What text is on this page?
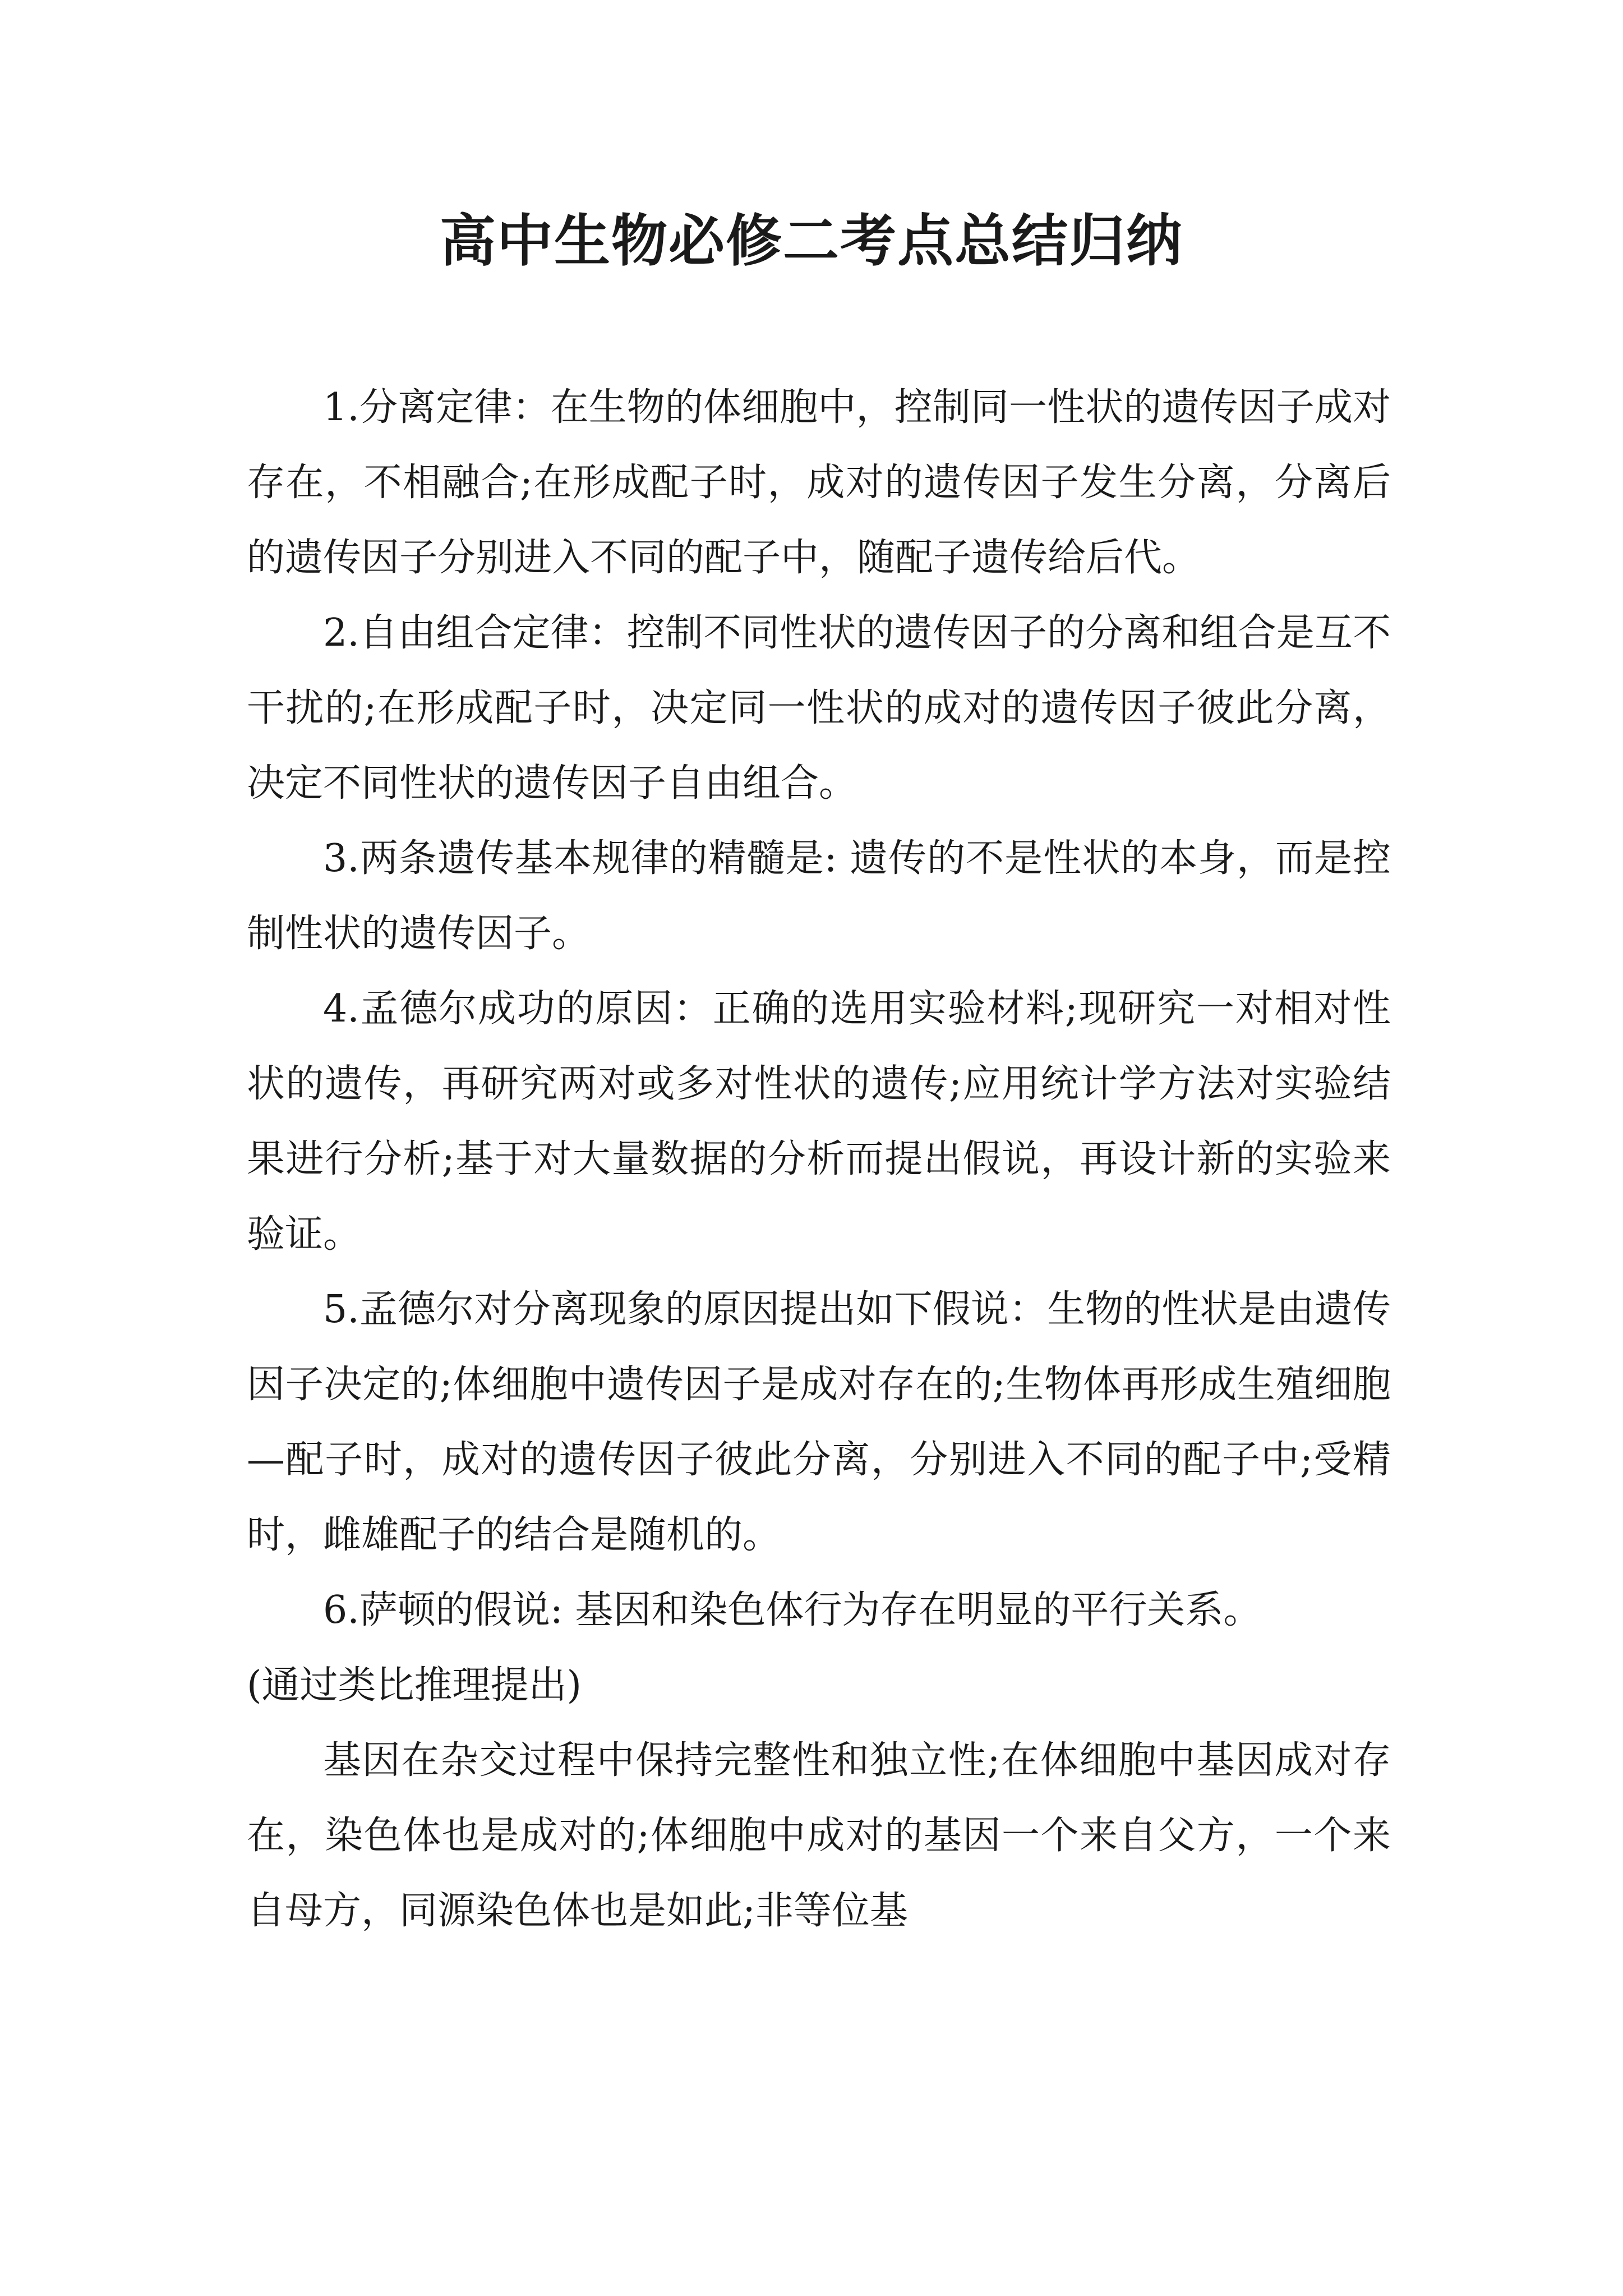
高中生物必修二考点总结归纳

1.分离定律：在生物的体细胞中，控制同一性状的遗传因子成对存在，不相融合;在形成配子时，成对的遗传因子发生分离，分离后的遗传因子分别进入不同的配子中，随配子遗传给后代。

2.自由组合定律：控制不同性状的遗传因子的分离和组合是互不干扰的;在形成配子时，决定同一性状的成对的遗传因子彼此分离，决定不同性状的遗传因子自由组合。

3.两条遗传基本规律的精髓是: 遗传的不是性状的本身，而是控制性状的遗传因子。

4.孟德尔成功的原因：正确的选用实验材料;现研究一对相对性状的遗传，再研究两对或多对性状的遗传;应用统计学方法对实验结果进行分析;基于对大量数据的分析而提出假说，再设计新的实验来验证。

5.孟德尔对分离现象的原因提出如下假说：生物的性状是由遗传因子决定的;体细胞中遗传因子是成对存在的;生物体再形成生殖细胞—配子时，成对的遗传因子彼此分离，分别进入不同的配子中;受精时，雌雄配子的结合是随机的。

6.萨顿的假说: 基因和染色体行为存在明显的平行关系。

(通过类比推理提出)

基因在杂交过程中保持完整性和独立性;在体细胞中基因成对存在，染色体也是成对的;体细胞中成对的基因一个来自父方，一个来自母方，同源染色体也是如此;非等位基
